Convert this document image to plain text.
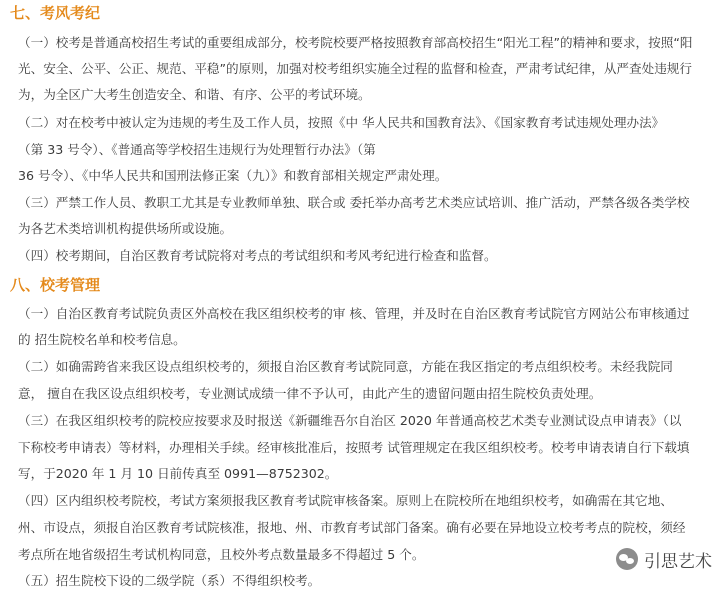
七、考风考纪
（一）校考是普通高校招生考试的重要组成部分，校考院校要严格按照教育部高校招生“阳光工程”的精神和要求，按照“阳
光、安全、公平、公正、规范、平稳”的原则，加强对校考组织实施全过程的监督和检查，严肃考试纪律，从严查处违规行
为，为全区广大考生创造安全、和谐、有序、公平的考试环境。
（二）对在校考中被认定为违规的考生及工作人员，按照《中 华人民共和国教育法》、《国家教育考试违规处理办法》
（第 33 号令）、《普通高等学校招生违规行为处理暂行办法》（第
36 号令）、《中华人民共和国刑法修正案（九）》和教育部相关规定严肃处理。
（三）严禁工作人员、教职工尤其是专业教师单独、联合或 委托举办高考艺术类应试培训、推广活动，严禁各级各类学校
为各艺术类培训机构提供场所或设施。
（四）校考期间，自治区教育考试院将对考点的考试组织和考风考纪进行检查和监督。
八、校考管理
（一）自治区教育考试院负责区外高校在我区组织校考的审 核、管理，并及时在自治区教育考试院官方网站公布审核通过
的 招生院校名单和校考信息。
（二）如确需跨省来我区设点组织校考的，须报自治区教育考试院同意，方能在我区指定的考点组织校考。未经我院同
意， 擅自在我区设点组织校考，专业测试成绩一律不予认可，由此产生的遗留问题由招生院校负责处理。
（三）在我区组织校考的院校应按要求及时报送《新疆维吾尔自治区 2020 年普通高校艺术类专业测试设点申请表》（以
下称校考申请表）等材料，办理相关手续。经审核批准后，按照考 试管理规定在我区组织校考。校考申请表请自行下载填
写，于2020 年 1 月 10 日前传真至 0991—8752302。
（四）区内组织校考院校，考试方案须报我区教育考试院审核备案。原则上在院校所在地组织校考，如确需在其它地、
州、市设点，须报自治区教育考试院核准，报地、州、市教育考试部门备案。确有必要在异地设立校考考点的院校，须经
考点所在地省级招生考试机构同意，且校外考点数量最多不得超过 5 个。
（五）招生院校下设的二级学院（系）不得组织校考。
引思艺术
